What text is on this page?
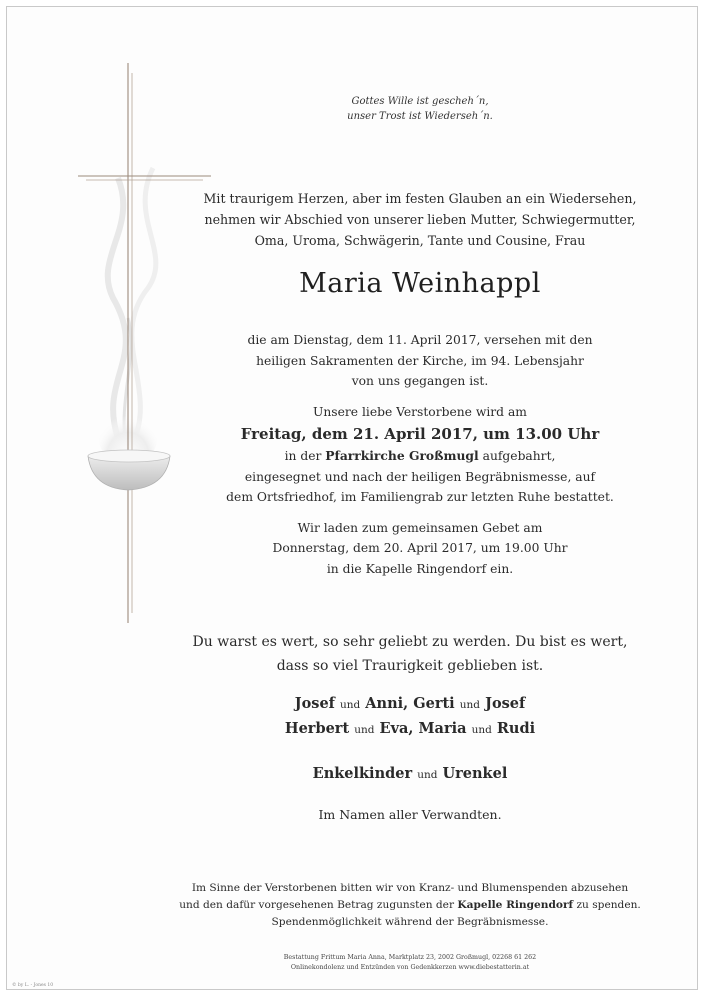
Gottes Wille ist gescheh´n,
unser Trost ist Wiederseh´n.
Mit traurigem Herzen, aber im festen Glauben an ein Wiedersehen,
nehmen wir Abschied von unserer lieben Mutter, Schwiegermutter,
Oma, Uroma, Schwägerin, Tante und Cousine, Frau
Maria Weinhappl
die am Dienstag, dem 11. April 2017, versehen mit den
heiligen Sakramenten der Kirche, im 94. Lebensjahr
von uns gegangen ist.
Unsere liebe Verstorbene wird am
Freitag, dem 21. April 2017, um 13.00 Uhr
in der Pfarrkirche Großmugl aufgebahrt,
eingesegnet und nach der heiligen Begräbnismesse, auf
dem Ortsfriedhof, im Familiengrab zur letzten Ruhe bestattet.
Wir laden zum gemeinsamen Gebet am
Donnerstag, dem 20. April 2017, um 19.00 Uhr
in die Kapelle Ringendorf ein.
Du warst es wert, so sehr geliebt zu werden. Du bist es wert,
dass so viel Traurigkeit geblieben ist.
Josef und Anni, Gerti und Josef
Herbert und Eva, Maria und Rudi
Enkelkinder und Urenkel
Im Namen aller Verwandten.
Im Sinne der Verstorbenen bitten wir von Kranz- und Blumenspenden abzusehen
und den dafür vorgesehenen Betrag zugunsten der Kapelle Ringendorf zu spenden.
Spendenmöglichkeit während der Begräbnismesse.
Bestattung Frittum Maria Anna, Marktplatz 23, 2002 Großmugl, 02268 61 262
Onlinekondolenz und Entzünden von Gedenkkerzen www.diebestatterin.at
© by L. - Jones 10
